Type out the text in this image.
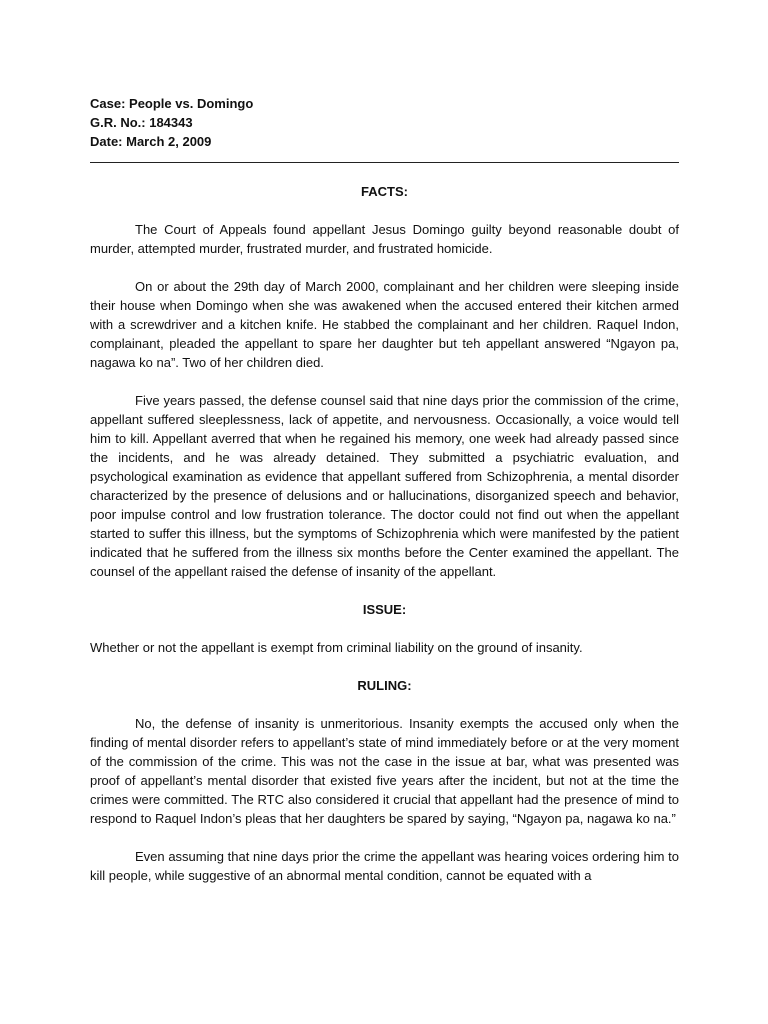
Case: People vs. Domingo
G.R. No.: 184343
Date: March 2, 2009
FACTS:

The Court of Appeals found appellant Jesus Domingo guilty beyond reasonable doubt of murder, attempted murder, frustrated murder, and frustrated homicide.

On or about the 29th day of March 2000, complainant and her children were sleeping inside their house when Domingo when she was awakened when the accused entered their kitchen armed with a screwdriver and a kitchen knife. He stabbed the complainant and her children. Raquel Indon, complainant, pleaded the appellant to spare her daughter but teh appellant answered “Ngayon pa, nagawa ko na”. Two of her children died.

Five years passed, the defense counsel said that nine days prior the commission of the crime, appellant suffered sleeplessness, lack of appetite, and nervousness. Occasionally, a voice would tell him to kill. Appellant averred that when he regained his memory, one week had already passed since the incidents, and he was already detained. They submitted a psychiatric evaluation, and psychological examination as evidence that appellant suffered from Schizophrenia, a mental disorder characterized by the presence of delusions and or hallucinations, disorganized speech and behavior, poor impulse control and low frustration tolerance. The doctor could not find out when the appellant started to suffer this illness, but the symptoms of Schizophrenia which were manifested by the patient indicated that he suffered from the illness six months before the Center examined the appellant. The counsel of the appellant raised the defense of insanity of the appellant.

ISSUE:

Whether or not the appellant is exempt from criminal liability on the ground of insanity.

RULING:

No, the defense of insanity is unmeritorious. Insanity exempts the accused only when the finding of mental disorder refers to appellant’s state of mind immediately before or at the very moment of the commission of the crime. This was not the case in the issue at bar, what was presented was proof of appellant’s mental disorder that existed five years after the incident, but not at the time the crimes were committed. The RTC also considered it crucial that appellant had the presence of mind to respond to Raquel Indon’s pleas that her daughters be spared by saying, “Ngayon pa, nagawa ko na.”

Even assuming that nine days prior the crime the appellant was hearing voices ordering him to kill people, while suggestive of an abnormal mental condition, cannot be equated with a
